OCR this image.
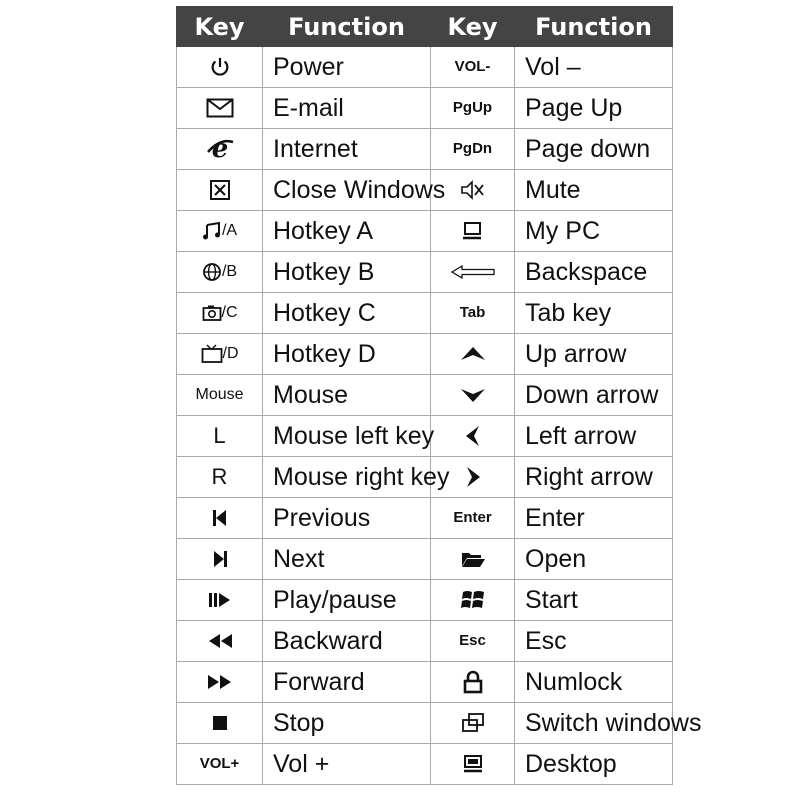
Key	Function	Key	Function
	Power	VOL-	Vol –
	E-mail	PgUp	Page Up

e	Internet	PgDn	Page down
	Close Windows		Mute
/A	Hotkey A		My PC
/B	Hotkey B		Backspace
/C	Hotkey C	Tab	Tab key
/D	Hotkey D		Up arrow
Mouse	Mouse		Down arrow
L	Mouse left key		Left arrow
R	Mouse right key		Right arrow
	Previous	Enter	Enter
	Next		Open
	Play/pause		Start
	Backward	Esc	Esc
	Forward		Numlock
	Stop		Switch windows
VOL+	Vol +		Desktop
